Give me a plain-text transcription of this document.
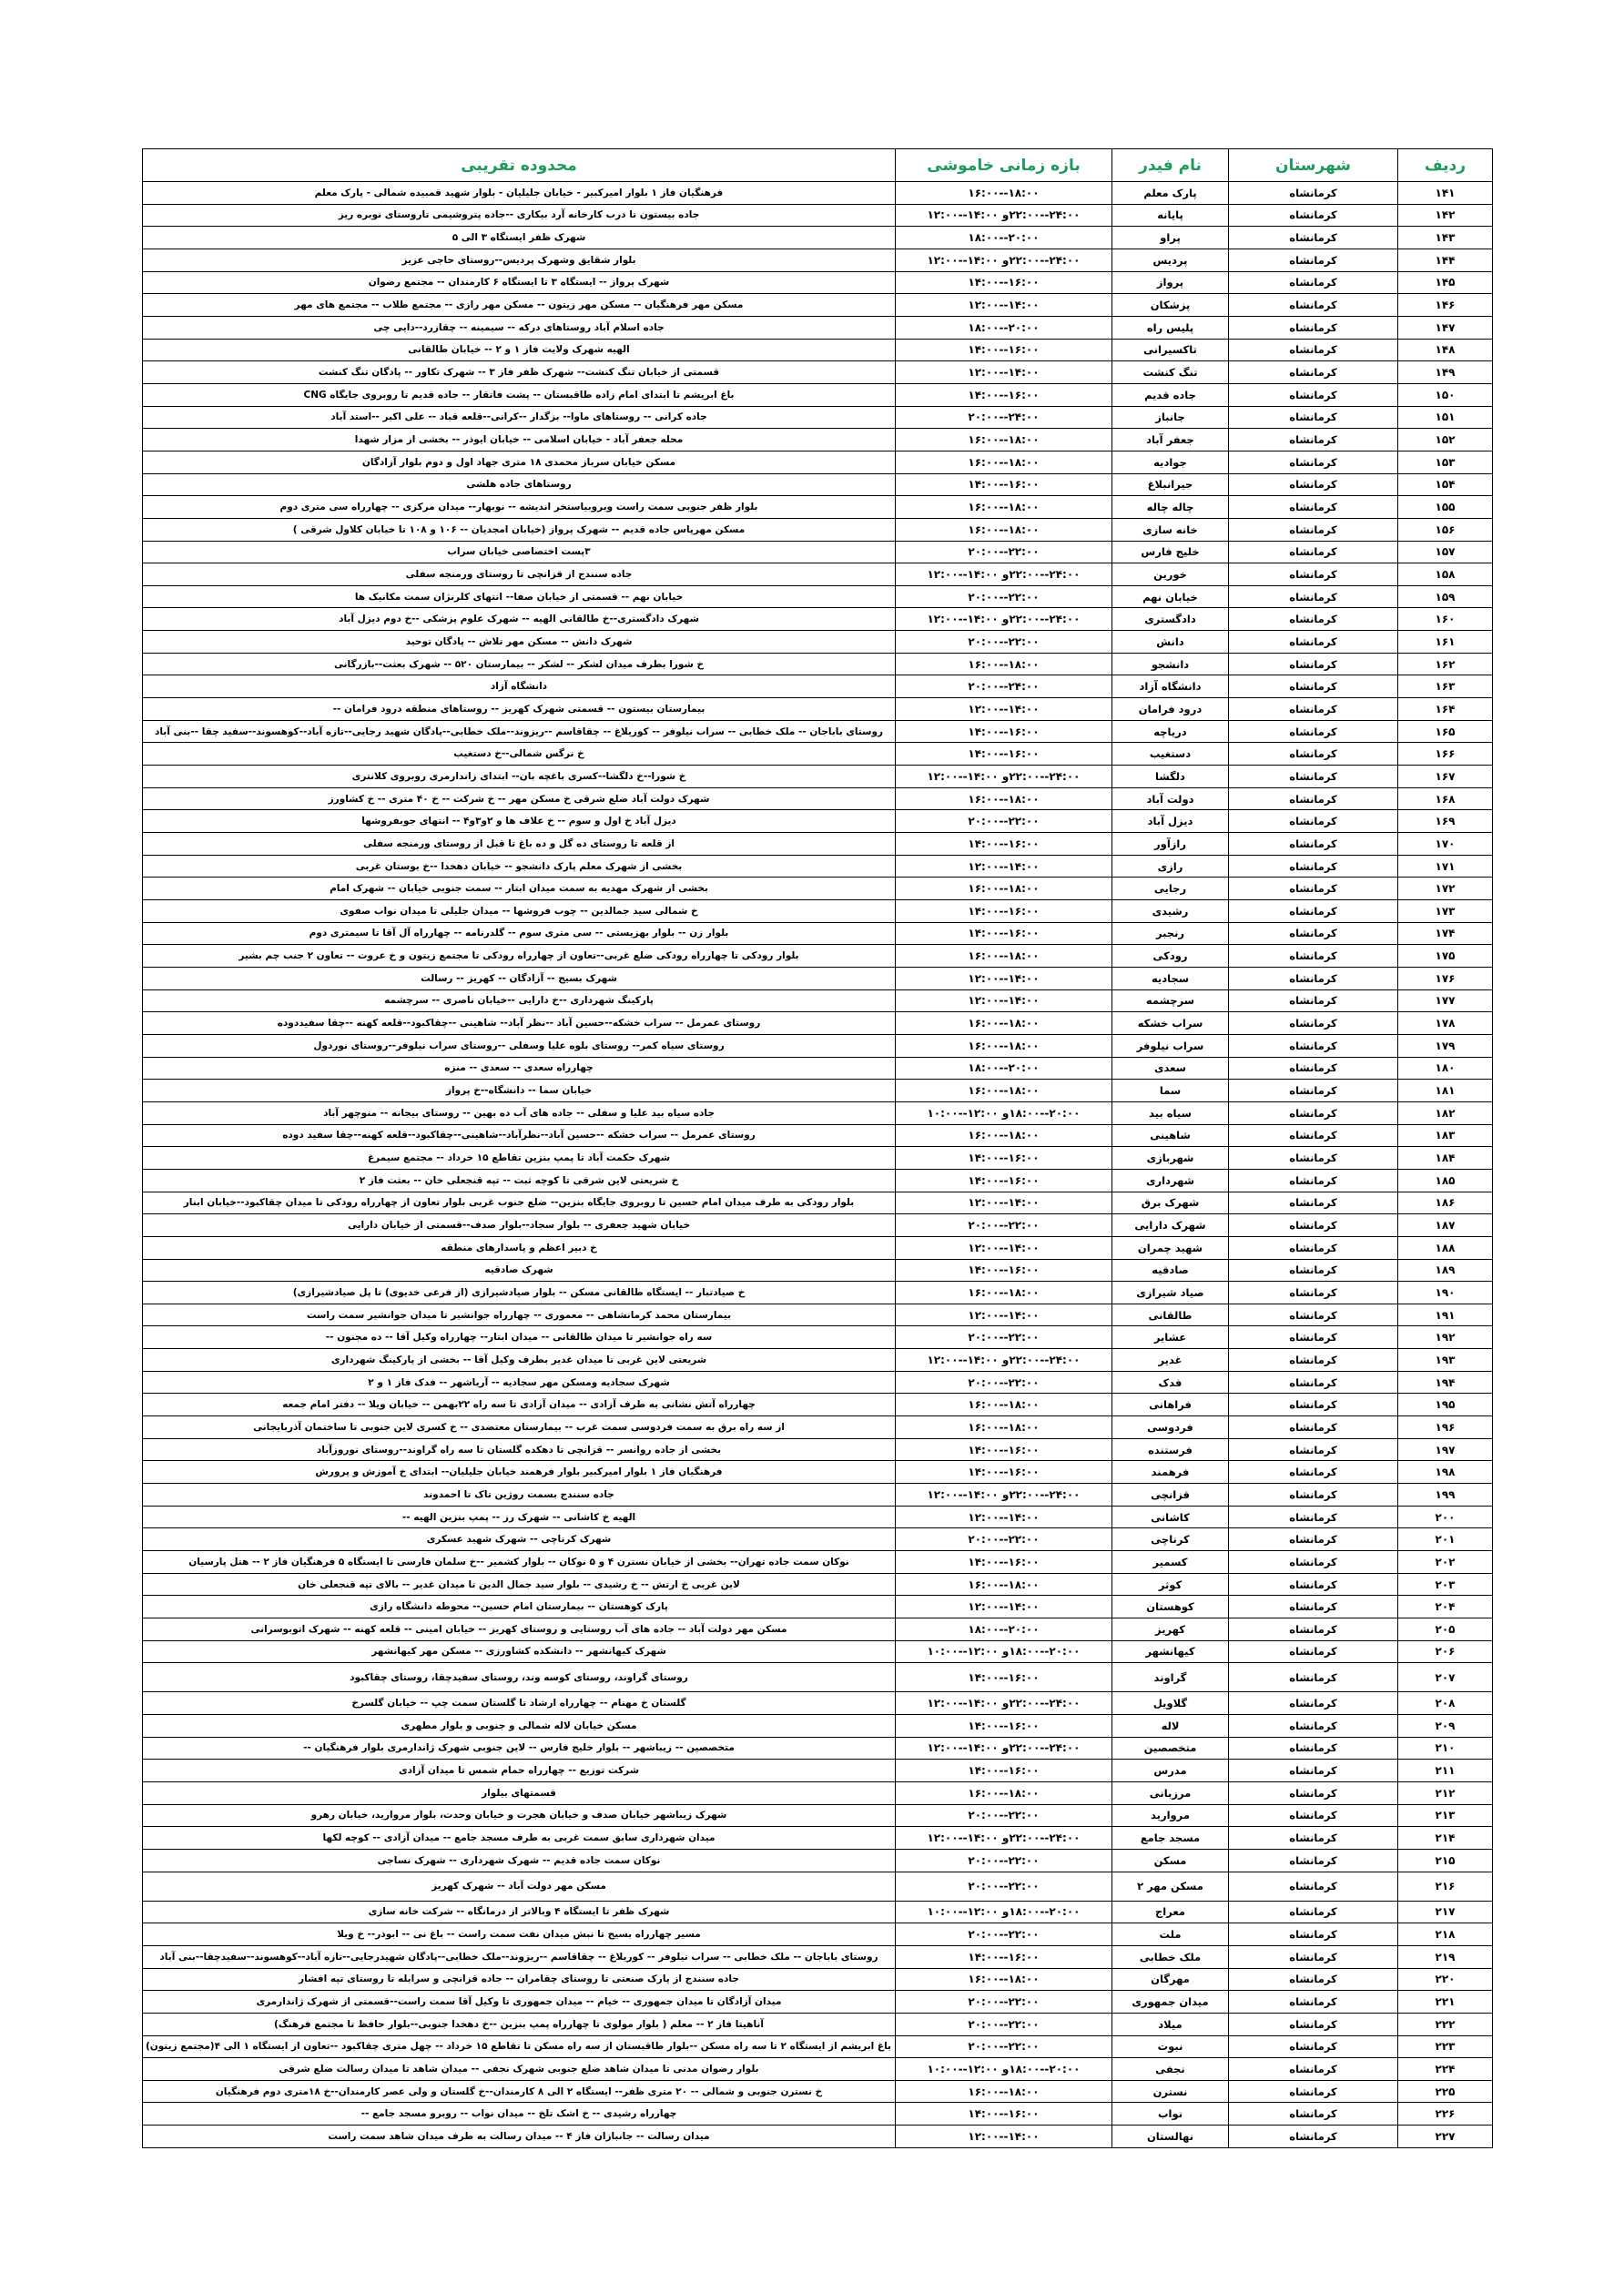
ردیف	شهرستان	نام فیدر	بازه زمانی خاموشی	محدوده تقریبی
۱۴۱	کرمانشاه	پارک معلم	۱۸:۰۰--۱۶:۰۰	فرهنگیان فاز ۱ بلوار امیرکبیر - خیابان جلیلیان - بلوار شهید قمبیده شمالی - پارک معلم
۱۴۲	کرمانشاه	پایانه	۲۴:۰۰--۲۲:۰۰و ۱۴:۰۰--۱۲:۰۰	جاده بیستون تا درب کارخانه آرد بیکاری --جاده پتروشیمی تاروستای نوبره ریز
۱۴۳	کرمانشاه	پراو	۲۰:۰۰--۱۸:۰۰	شهرک ظفر ایستگاه ۳ الی ۵
۱۴۴	کرمانشاه	پردیس	۲۴:۰۰--۲۲:۰۰و ۱۴:۰۰--۱۲:۰۰	بلوار شقایق وشهرک پردیس--روستای حاجی عزیز
۱۴۵	کرمانشاه	پرواز	۱۶:۰۰--۱۴:۰۰	شهرک پرواز -- ایستگاه ۳ تا ایستگاه ۶ کارمندان -- مجتمع رضوان
۱۴۶	کرمانشاه	پزشکان	۱۴:۰۰--۱۲:۰۰	مسکن مهر فرهنگیان -- مسکن مهر زیتون -- مسکن مهر رازی -- مجتمع طلاب -- مجتمع های مهر
۱۴۷	کرمانشاه	پلیس راه	۲۰:۰۰--۱۸:۰۰	جاده اسلام آباد روستاهای درکه -- سیمینه -- چقازرد--دایی چی
۱۴۸	کرمانشاه	تاکسیرانی	۱۶:۰۰--۱۴:۰۰	الهیه شهرک ولایت فاز ۱ و ۲ -- خیابان طالقانی
۱۴۹	کرمانشاه	تنگ کنشت	۱۴:۰۰--۱۲:۰۰	قسمتی از خیابان تنگ کنشت-- شهرک ظفر فاز ۳ -- شهرک تکاور -- پادگان تنگ کنشت
۱۵۰	کرمانشاه	جاده قدیم	۱۶:۰۰--۱۴:۰۰	باغ ابریشم تا ابتدای امام زاده طاقبستان -- پشت فاتقار -- جاده قدیم تا روبروی جایگاه CNG
۱۵۱	کرمانشاه	جانباز	۲۴:۰۰--۲۰:۰۰	جاده کرانی -- روستاهای ماوا-- بزگدار --کرانی--قلعه قباد -- علی اکبر --استد آباد
۱۵۲	کرمانشاه	جعفر آباد	۱۸:۰۰--۱۶:۰۰	محله جعفر آباد - خیابان اسلامی -- خیابان ایوذر -- بخشی از مزار شهدا
۱۵۳	کرمانشاه	جوادیه	۱۸:۰۰--۱۶:۰۰	مسکن خیابان سرباز محمدی ۱۸ متری جهاد اول و دوم بلوار آزادگان
۱۵۴	کرمانشاه	جیرانبلاغ	۱۶:۰۰--۱۴:۰۰	روستاهای جاده هلشی
۱۵۵	کرمانشاه	چاله چاله	۱۸:۰۰--۱۶:۰۰	بلوار ظفر جنوبی سمت راست وبروبیاستخر اندیشه -- نوبهار-- میدان مرکزی -- چهارراه سی متری دوم
۱۵۶	کرمانشاه	خانه سازی	۱۸:۰۰--۱۶:۰۰	مسکن مهرپاس جاده قدیم -- شهرک پرواز (خیابان امجدیان -- ۱۰۶ و ۱۰۸ تا خیابان کلاول شرقی )
۱۵۷	کرمانشاه	خلیج فارس	۲۲:۰۰--۲۰:۰۰	۳پست اختصاصی خیابان سراب
۱۵۸	کرمانشاه	خورین	۲۴:۰۰--۲۲:۰۰و ۱۴:۰۰--۱۲:۰۰	جاده سنندج از قزانچی تا روستای ورمنجه سفلی
۱۵۹	کرمانشاه	خیابان نهم	۲۲:۰۰--۲۰:۰۰	خیابان نهم -- قسمتی از خیابان صفا-- انتهای کلرنژان سمت مکانیک ها
۱۶۰	کرمانشاه	دادگستری	۲۴:۰۰--۲۲:۰۰و ۱۴:۰۰--۱۲:۰۰	شهرک دادگستری--خ طالقانی الهیه -- شهرک علوم پزشکی --خ دوم دیزل آباد
۱۶۱	کرمانشاه	دانش	۲۲:۰۰--۲۰:۰۰	شهرک دانش -- مسکن مهر تلاش -- پادگان توحید
۱۶۲	کرمانشاه	دانشجو	۱۸:۰۰--۱۶:۰۰	خ شورا بطرف میدان لشکر -- لشکر -- بیمارستان ۵۲۰ -- شهرک بعثت--بازرگانی
۱۶۳	کرمانشاه	دانشگاه آزاد	۲۴:۰۰--۲۰:۰۰	دانشگاه آزاد
۱۶۴	کرمانشاه	درود فرامان	۱۴:۰۰--۱۲:۰۰	بیمارستان بیستون -- قسمتی شهرک کهریز -- روستاهای منطقه درود فرامان --
۱۶۵	کرمانشاه	دریاچه	۱۶:۰۰--۱۴:۰۰	روستای باباجان -- ملک خطابی -- سراب نیلوفر -- کوریلاغ -- چقاقاسم --ریزوند--ملک خطابی--پادگان شهید رجایی--تازه آباد--کوهسوند--سفید چقا --بنی آباد
۱۶۶	کرمانشاه	دستغیب	۱۶:۰۰--۱۴:۰۰	خ نرگس شمالی--خ دستغیب
۱۶۷	کرمانشاه	دلگشا	۲۴:۰۰--۲۲:۰۰و ۱۴:۰۰--۱۲:۰۰	خ شورا--خ دلگشا--کسری باغچه بان-- ابتدای زاندارمری روبروی کلانتری
۱۶۸	کرمانشاه	دولت آباد	۱۸:۰۰--۱۶:۰۰	شهرک دولت آباد ضلع شرقی خ مسکن مهر -- خ شرکت -- خ ۴۰ متری -- خ کشاورز
۱۶۹	کرمانشاه	دیزل آباد	۲۲:۰۰--۲۰:۰۰	دیزل آباد خ اول و سوم -- خ علاف ها و ۲و۳و۴ -- انتهای جوبفروشها
۱۷۰	کرمانشاه	رازآور	۱۶:۰۰--۱۴:۰۰	از قلعه تا روستای ده گل و ده باغ تا قبل از روستای ورمنجه سفلی
۱۷۱	کرمانشاه	رازی	۱۴:۰۰--۱۲:۰۰	بخشی از شهرک معلم پارک دانشجو -- خیابان دهخدا --خ بوستان غربی
۱۷۲	کرمانشاه	رجایی	۱۸:۰۰--۱۶:۰۰	بخشی از شهرک مهدیه به سمت میدان ابتار -- سمت جنوبی خیابان -- شهرک امام
۱۷۳	کرمانشاه	رشیدی	۱۶:۰۰--۱۴:۰۰	خ شمالی سید جمالدین -- چوب فروشها -- میدان جلیلی تا میدان نواب صفوی
۱۷۴	کرمانشاه	رنجبر	۱۶:۰۰--۱۴:۰۰	بلوار زن -- بلوار بهزیستی -- سی متری سوم -- گلدرنامه -- چهارراه آل آقا تا سیمتری دوم
۱۷۵	کرمانشاه	رودکی	۱۸:۰۰--۱۶:۰۰	بلوار رودکی تا چهارراه رودکی ضلع غربی--تعاون از چهارراه رودکی تا مجتمع زیتون و خ عروت -- تعاون ۲ جنب چم بشیر
۱۷۶	کرمانشاه	سجادیه	۱۴:۰۰--۱۲:۰۰	شهرک بسیج -- آزادگان -- کهریز -- رسالت
۱۷۷	کرمانشاه	سرچشمه	۱۴:۰۰--۱۲:۰۰	پارکینگ شهرداری --خ دارایی --خیابان ناصری -- سرچشمه
۱۷۸	کرمانشاه	سراب خشکه	۱۸:۰۰--۱۶:۰۰	روستای عمرمل -- سراب خشکه--حسین آباد --نظر آباد-- شاهینی --چقاکبود--قلعه کهنه --چقا سفیددوده
۱۷۹	کرمانشاه	سراب نیلوفر	۱۸:۰۰--۱۶:۰۰	روستای سیاه کمر-- روستای بلوه علیا وسفلی --روستای سراب نیلوفر--روستای نوردول
۱۸۰	کرمانشاه	سعدی	۲۰:۰۰--۱۸:۰۰	چهارراه سعدی -- سعدی -- منزه
۱۸۱	کرمانشاه	سما	۱۸:۰۰--۱۶:۰۰	خیابان سما -- دانشگاه--خ پرواز
۱۸۲	کرمانشاه	سیاه بید	۲۰:۰۰--۱۸:۰۰و ۱۲:۰۰--۱۰:۰۰	جاده سیاه بید علیا و سفلی -- جاده های آب ده بهین -- روستای بیجانه -- منوچهر آباد
۱۸۳	کرمانشاه	شاهینی	۱۸:۰۰--۱۶:۰۰	روستای عمرمل -- سراب خشکه --حسین آباد--نظرآباد--شاهینی--چقاکبود--قلعه کهنه--چقا سفید دوده
۱۸۴	کرمانشاه	شهربازی	۱۶:۰۰--۱۴:۰۰	شهرک حکمت آباد تا پمپ بنزین تقاطع ۱۵ خرداد -- مجتمع سیمرغ
۱۸۵	کرمانشاه	شهرداری	۱۶:۰۰--۱۴:۰۰	خ شریعتی لاین شرقی تا کوچه ثبت -- تپه قنجعلی خان -- بعثت فاز ۲
۱۸۶	کرمانشاه	شهرک برق	۱۴:۰۰--۱۲:۰۰	بلوار رودکی به طرف میدان امام حسین تا روبروی جایگاه بنزین-- ضلع جنوب غربی بلوار تعاون از چهارراه رودکی تا میدان چقاکبود--خیابان ابنار
۱۸۷	کرمانشاه	شهرک دارایی	۲۲:۰۰--۲۰:۰۰	خیابان شهید جعفری -- بلوار سجاد--بلوار صدف--قسمتی از خیابان دارایی
۱۸۸	کرمانشاه	شهید چمران	۱۴:۰۰--۱۲:۰۰	خ دبیر اعظم و پاسدارهای منطقه
۱۸۹	کرمانشاه	صادقیه	۱۶:۰۰--۱۴:۰۰	شهرک صادقیه
۱۹۰	کرمانشاه	صیاد شیرازی	۱۸:۰۰--۱۶:۰۰	خ صیادتبار -- ایستگاه طالقانی مسکن -- بلوار صیادشیرازی (از فرعی خدیوی) تا پل صیادشیرازی)
۱۹۱	کرمانشاه	طالقانی	۱۴:۰۰--۱۲:۰۰	بیمارستان محمد کرمانشاهی -- معموری -- چهارراه جوانشیر تا میدان جوانشیر سمت راست
۱۹۲	کرمانشاه	عشایر	۲۲:۰۰--۲۰:۰۰	سه راه جوانشیر تا میدان طالقانی -- میدان ابتار-- چهارراه وکیل آقا -- ده مجنون --
۱۹۳	کرمانشاه	غدیر	۲۴:۰۰--۲۲:۰۰و ۱۴:۰۰--۱۲:۰۰	شریعتی لاین غربی تا میدان غدیر بطرف وکیل آقا -- بخشی از پارکینگ شهرداری
۱۹۴	کرمانشاه	فدک	۲۲:۰۰--۲۰:۰۰	شهرک سجادیه ومسکن مهر سجادیه -- آریاشهر -- فدک فاز ۱ و ۲
۱۹۵	کرمانشاه	فراهانی	۱۸:۰۰--۱۶:۰۰	چهارراه آتش نشانی به طرف آزادی -- میدان آزادی تا سه راه ۲۲بهمن -- خیابان ویلا -- دفتر امام جمعه
۱۹۶	کرمانشاه	فردوسی	۱۸:۰۰--۱۶:۰۰	از سه راه برق به سمت فردوسی سمت غرب -- بیمارستان معتضدی -- خ کسری لاین جنوبی تا ساختمان آذربایجانی
۱۹۷	کرمانشاه	فرستنده	۱۶:۰۰--۱۴:۰۰	بخشی از جاده روانسر -- قزانچی تا دهکده گلستان تا سه راه گراوند--روستای نوروزآباد
۱۹۸	کرمانشاه	فرهمند	۱۶:۰۰--۱۴:۰۰	فرهنگیان فاز ۱ بلوار امیرکبیر بلوار فرهمند خیابان جلیلیان-- ابتدای خ آموزش و پرورش
۱۹۹	کرمانشاه	قزانچی	۲۴:۰۰--۲۲:۰۰و ۱۴:۰۰--۱۲:۰۰	جاده سنندج بسمت روژین تاک تا احمدوند
۲۰۰	کرمانشاه	کاشانی	۱۴:۰۰--۱۲:۰۰	الهیه خ کاشانی -- شهرک رز -- پمپ بنزین الهیه --
۲۰۱	کرمانشاه	کرناچی	۲۲:۰۰--۲۰:۰۰	شهرک کرناچی -- شهرک شهید عسکری
۲۰۲	کرمانشاه	کسمیر	۱۶:۰۰--۱۴:۰۰	نوکان سمت جاده تهران-- بخشی از خیابان نسترن ۴ و ۵ نوکان -- بلوار کشمیر --خ سلمان فارسی تا ایستگاه ۵ فرهنگیان فاز ۲ -- هتل پارسیان
۲۰۳	کرمانشاه	کوثر	۱۸:۰۰--۱۶:۰۰	لاین غربی خ ارتش -- خ رشیدی -- بلوار سید جمال الدین تا میدان غدیر -- بالای تپه قنجعلی خان
۲۰۴	کرمانشاه	کوهستان	۱۴:۰۰--۱۲:۰۰	پارک کوهستان -- بیمارستان امام حسین-- محوطه دانشگاه رازی
۲۰۵	کرمانشاه	کهریز	۲۰:۰۰--۱۸:۰۰	مسکن مهر دولت آباد -- جاده های آب روستایی و روستای کهریز -- خیابان امینی -- قلعه کهنه -- شهرک اتوبوسرانی
۲۰۶	کرمانشاه	کیهانشهر	۲۰:۰۰--۱۸:۰۰و ۱۲:۰۰--۱۰:۰۰	شهرک کیهانشهر -- دانشکده کشاورزی -- مسکن مهر کیهانشهر
۲۰۷	کرمانشاه	گراوند	۱۶:۰۰--۱۴:۰۰	روستای گراوند، روستای کوسه وند، روستای سفیدچقا، روستای چقاکبود
۲۰۸	کرمانشاه	گلاویل	۲۴:۰۰--۲۲:۰۰و ۱۴:۰۰--۱۲:۰۰	گلستان خ مهنام -- چهارراه ارشاد تا گلستان سمت چپ -- خیابان گلسرخ
۲۰۹	کرمانشاه	لاله	۱۶:۰۰--۱۴:۰۰	مسکن خیابان لاله شمالی و جنوبی و بلوار مطهری
۲۱۰	کرمانشاه	متخصصین	۲۴:۰۰--۲۲:۰۰و ۱۴:۰۰--۱۲:۰۰	متخصصین -- زیباشهر -- بلوار خلیج فارس -- لاین جنوبی شهرک ژاندارمری بلوار فرهنگیان --
۲۱۱	کرمانشاه	مدرس	۱۶:۰۰--۱۴:۰۰	شرکت توزیع -- چهارراه حمام شمس تا میدان آزادی
۲۱۲	کرمانشاه	مرزبانی	۱۸:۰۰--۱۶:۰۰	قسمتهای بیلوار
۲۱۳	کرمانشاه	مروارید	۲۲:۰۰--۲۰:۰۰	شهرک زیباشهر خیابان صدف و خیابان هجرت و خیابان وحدت، بلوار مروارید، خیابان رهرو
۲۱۴	کرمانشاه	مسجد جامع	۲۴:۰۰--۲۲:۰۰و ۱۴:۰۰--۱۲:۰۰	میدان شهرداری سابق سمت غربی به طرف مسجد جامع -- میدان آزادی -- کوچه لکها
۲۱۵	کرمانشاه	مسکن	۲۲:۰۰--۲۰:۰۰	نوکان سمت جاده قدیم -- شهرک شهرداری -- شهرک نساجی
۲۱۶	کرمانشاه	مسکن مهر ۲	۲۲:۰۰--۲۰:۰۰	مسکن مهر دولت آباد -- شهرک کهریز
۲۱۷	کرمانشاه	معراج	۲۰:۰۰--۱۸:۰۰و ۱۲:۰۰--۱۰:۰۰	شهرک ظفر تا ایستگاه ۴ وبالاتر از درمانگاه -- شرکت خانه سازی
۲۱۸	کرمانشاه	ملت	۲۲:۰۰--۲۰:۰۰	مسیر چهارراه بسیج تا نبش میدان نفت سمت راست -- باغ نی -- ابوذر-- خ ویلا
۲۱۹	کرمانشاه	ملک خطابی	۱۶:۰۰--۱۴:۰۰	روستای باباجان -- ملک خطابی -- سراب نیلوفر -- کوریلاغ -- چقاقاسم --ریزوند--ملک خطابی--پادگان شهیدرجایی--تازه آباد--کوهسوند--سفیدچقا--بنی آباد
۲۲۰	کرمانشاه	مهرگان	۱۸:۰۰--۱۶:۰۰	جاده سنندج از پارک صنعتی تا روستای چقامران -- جاده قزانچی و سرابله تا روستای تپه افشار
۲۲۱	کرمانشاه	میدان جمهوری	۲۲:۰۰--۲۰:۰۰	میدان آزادگان تا میدان جمهوری -- خیام -- میدان جمهوری تا وکیل آقا سمت راست--قسمتی از شهرک ژاندارمری
۲۲۲	کرمانشاه	میلاد	۲۲:۰۰--۲۰:۰۰	آناهیتا فاز ۲ -- معلم ( بلوار مولوی تا چهارراه پمپ بنزین --خ دهخدا جنوبی--بلوار حافظ تا مجتمع فرهنگ)
۲۲۳	کرمانشاه	نبوت	۲۲:۰۰--۲۰:۰۰	باغ ابریشم از ایستگاه ۲ تا سه راه مسکن --بلوار طاقبستان از سه راه مسکن تا تقاطع ۱۵ خرداد -- چهل متری چقاکبود --تعاون از ایستگاه ۱ الی ۴(مجتمع زیتون)
۲۲۴	کرمانشاه	نجفی	۲۰:۰۰--۱۸:۰۰و ۱۲:۰۰--۱۰:۰۰	بلوار رضوان مدنی تا میدان شاهد ضلع جنوبی شهرک نجفی -- میدان شاهد تا میدان رسالت ضلع شرقی
۲۲۵	کرمانشاه	نسترن	۱۸:۰۰--۱۶:۰۰	خ نسترن جنوبی و شمالی -- ۲۰ متری ظفر-- ایستگاه ۲ الی ۸ کارمندان--خ گلستان و ولی عصر کارمندان--خ ۱۸متری دوم فرهنگیان
۲۲۶	کرمانشاه	نواب	۱۶:۰۰--۱۴:۰۰	چهارراه رشیدی -- خ اشک تلخ -- میدان نواب -- روبرو مسجد جامع --
۲۲۷	کرمانشاه	نهالستان	۱۴:۰۰--۱۲:۰۰	میدان رسالت -- جانبازان فاز ۴ -- میدان رسالت به طرف میدان شاهد سمت راست
